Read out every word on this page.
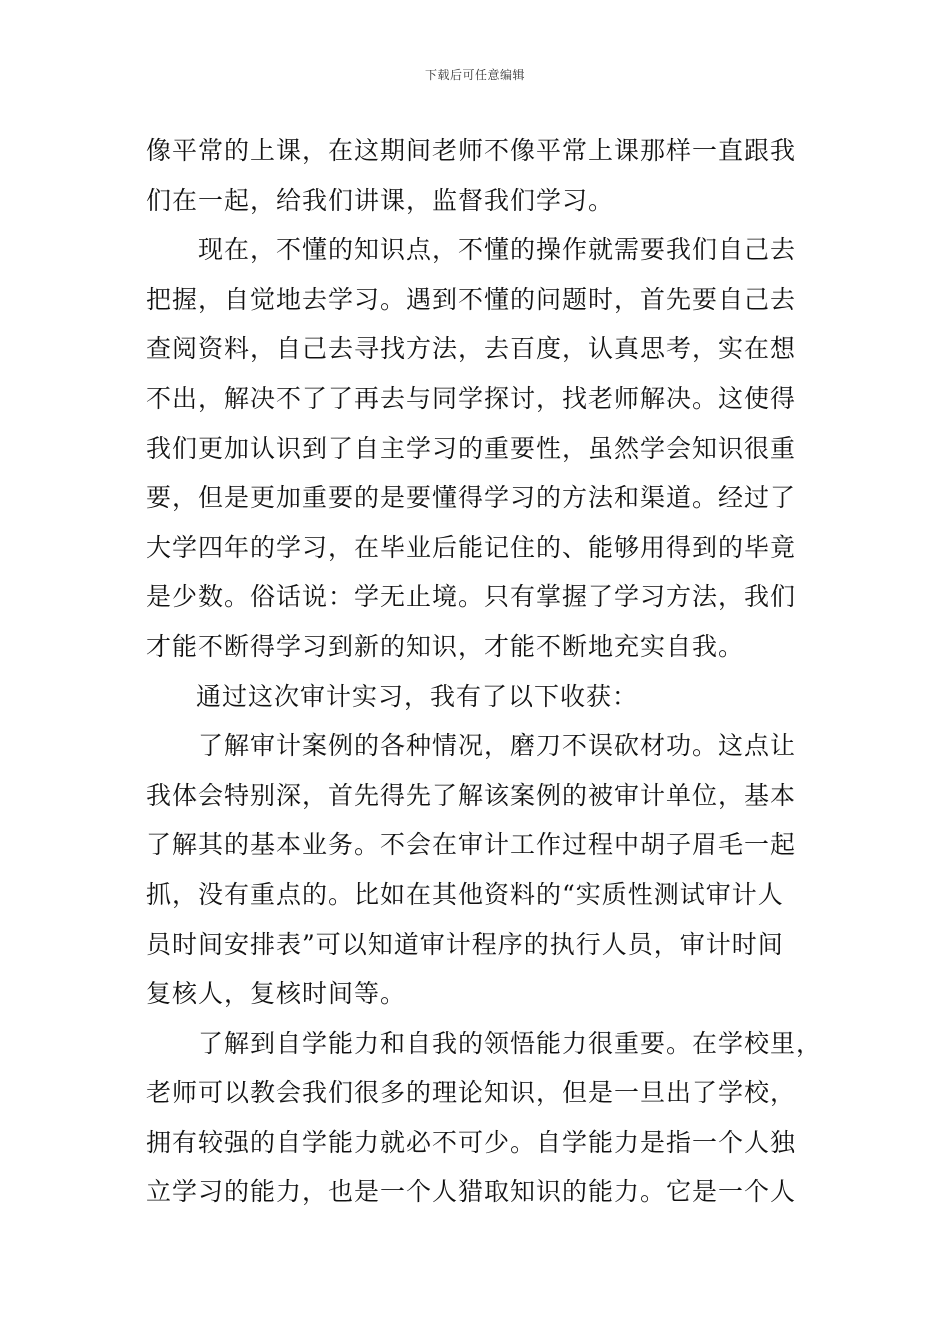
下载后可任意编辑
像平常的上课，在这期间老师不像平常上课那样一直跟我
们在一起，给我们讲课，监督我们学习。
现在，不懂的知识点，不懂的操作就需要我们自己去
把握，自觉地去学习。遇到不懂的问题时，首先要自己去
查阅资料，自己去寻找方法，去百度，认真思考，实在想
不出，解决不了了再去与同学探讨，找老师解决。这使得
我们更加认识到了自主学习的重要性，虽然学会知识很重
要，但是更加重要的是要懂得学习的方法和渠道。经过了
大学四年的学习，在毕业后能记住的、能够用得到的毕竟
是少数。俗话说：学无止境。只有掌握了学习方法，我们
才能不断得学习到新的知识，才能不断地充实自我。
通过这次审计实习，我有了以下收获：
了解审计案例的各种情况，磨刀不误砍材功。这点让
我体会特别深，首先得先了解该案例的被审计单位，基本
了解其的基本业务。不会在审计工作过程中胡子眉毛一起
抓，没有重点的。比如在其他资料的“实质性测试审计人
员时间安排表”可以知道审计程序的执行人员，审计时间
复核人，复核时间等。
了解到自学能力和自我的领悟能力很重要。在学校里，
老师可以教会我们很多的理论知识，但是一旦出了学校，
拥有较强的自学能力就必不可少。自学能力是指一个人独
立学习的能力，也是一个人猎取知识的能力。它是一个人
